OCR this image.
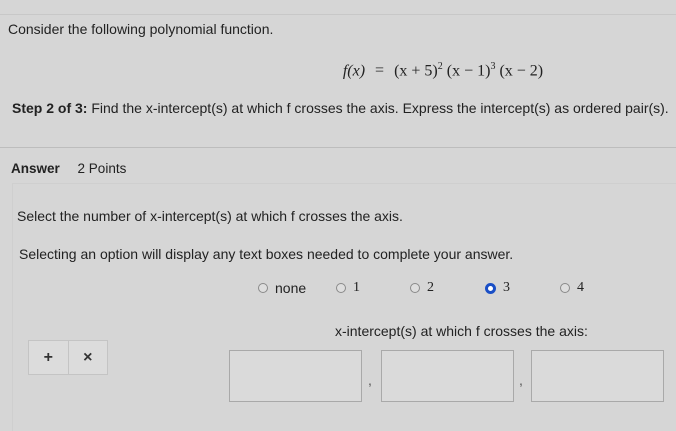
Consider the following polynomial function.
$f(x) = (x + 5)^2$ $(x - 1)^3$ (x − 2)
Step 2 of 3: Find the x-intercept(s) at which f crosses the axis. Express the intercept(s) as ordered pair(s).
Answer 2 Points
Select the number of x-intercept(s) at which f crosses the axis.
Selecting an option will display any text boxes needed to complete your answer.
none	1	2	3	4
x-intercept(s) at which f crosses the axis:
+	×
,	,
